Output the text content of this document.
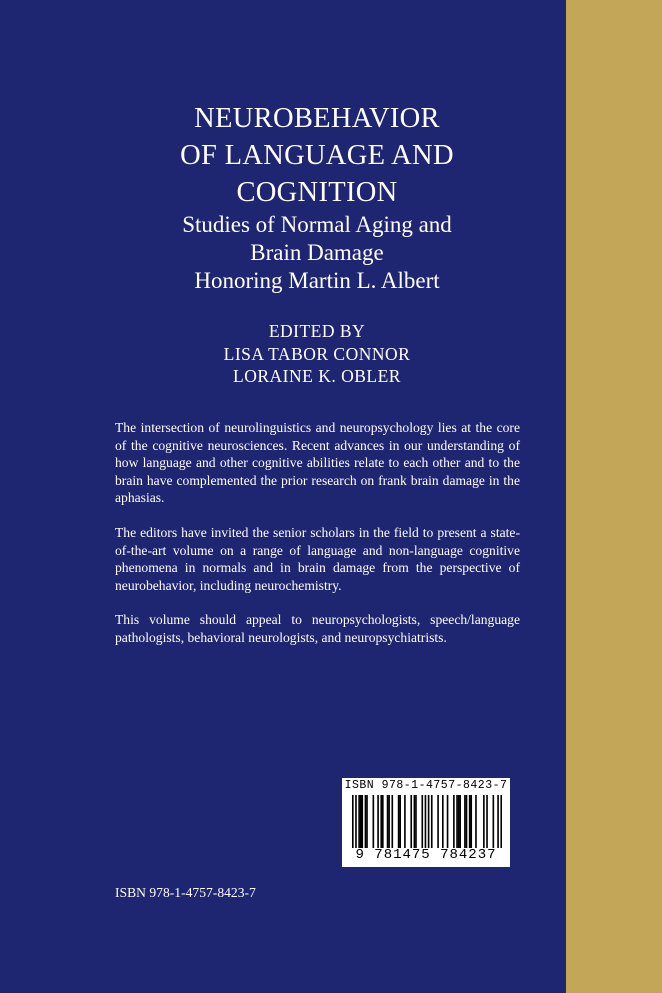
NEUROBEHAVIOR
OF LANGUAGE AND
COGNITION
Studies of Normal Aging and
Brain Damage
Honoring Martin L. Albert
EDITED BY
LISA TABOR CONNOR
LORAINE K. OBLER

The intersection of neurolinguistics and neuropsychology lies at the core of the cognitive neurosciences. Recent advances in our understanding of how language and other cognitive abilities relate to each other and to the brain have complemented the prior research on frank brain damage in the aphasias.

The editors have invited the senior scholars in the field to present a state-of-the-art volume on a range of language and non-language cognitive phenomena in normals and in brain damage from the perspective of neurobehavior, including neurochemistry.

This volume should appeal to neuropsychologists, speech/language pathologists, behavioral neurologists, and neuropsychiatrists.

ISBN 978-1-4757-8423-7
9 781475 784237
ISBN 978-1-4757-8423-7
